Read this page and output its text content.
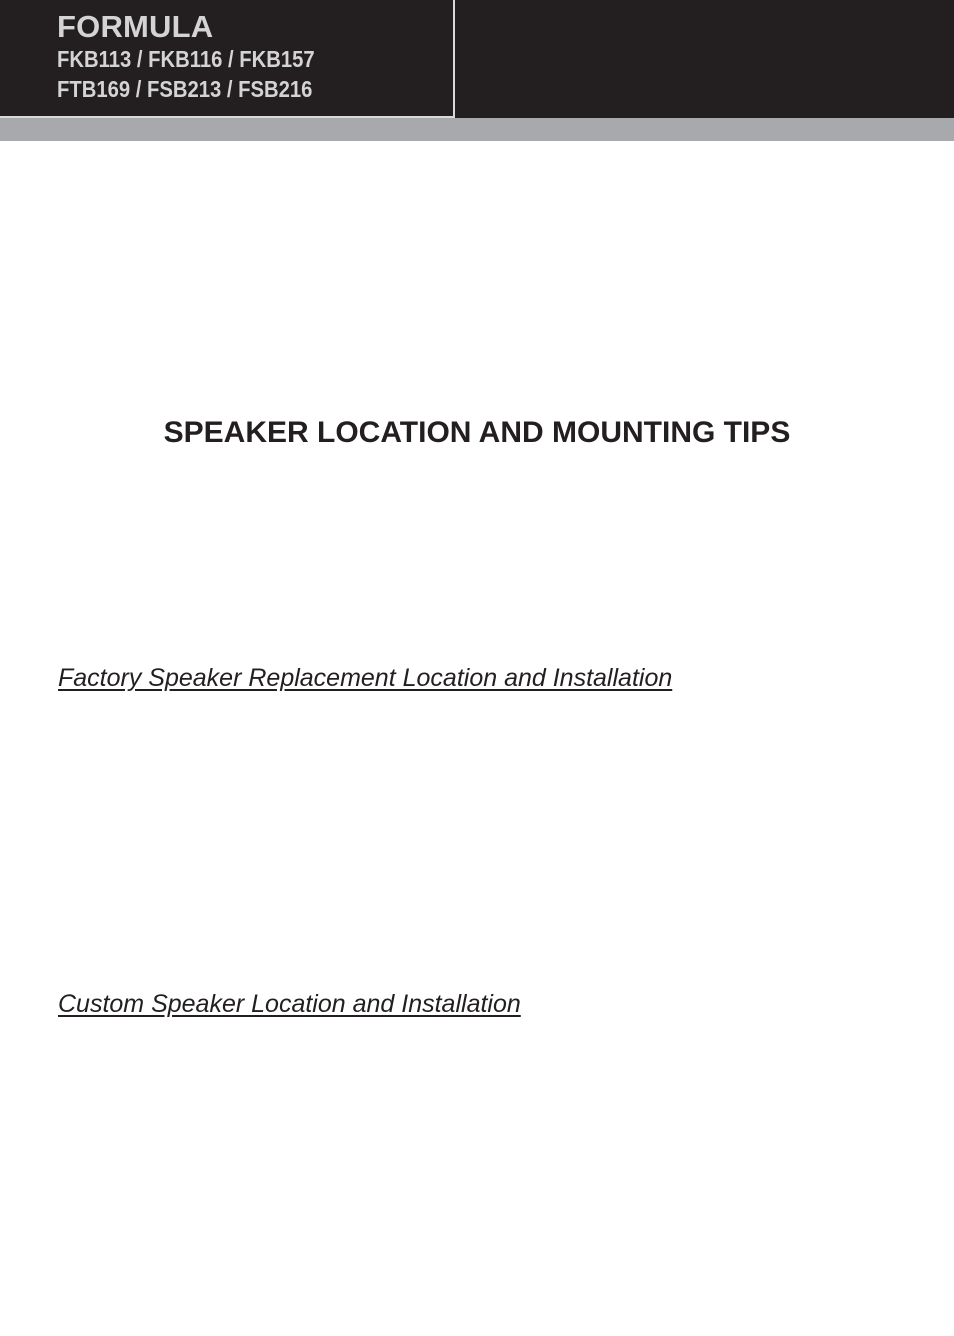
FORMULA
FKB113 / FKB116 / FKB157
FTB169 / FSB213 / FSB216
SPEAKER LOCATION AND MOUNTING TIPS
Factory Speaker Replacement Location and Installation
Custom Speaker Location and Installation
